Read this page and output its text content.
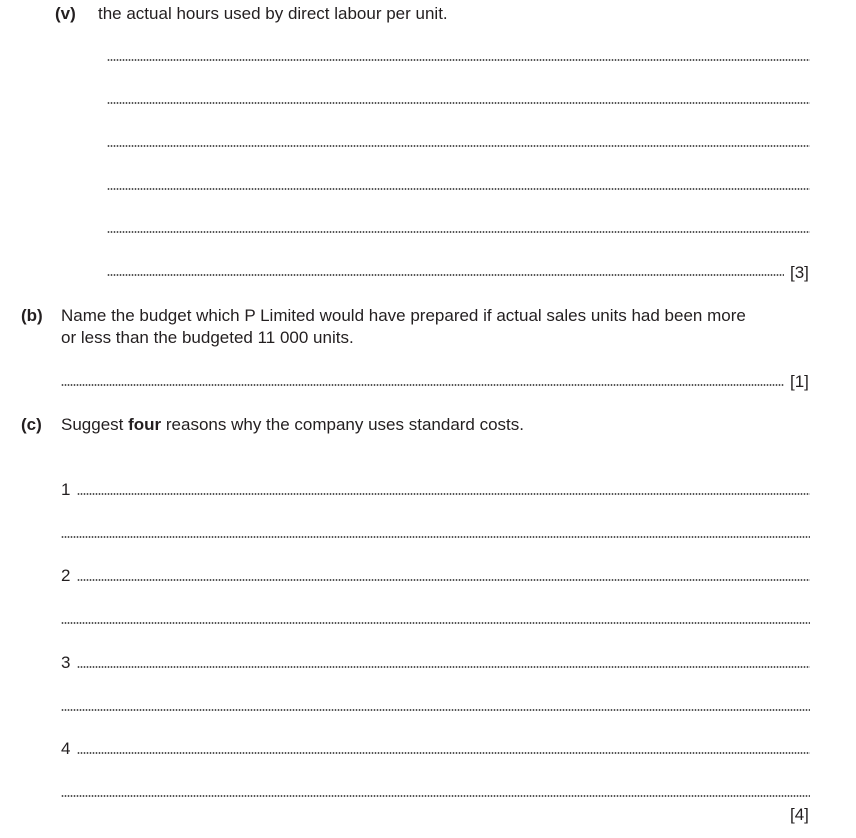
(v) the actual hours used by direct labour per unit.
[3]
(b) Name the budget which P Limited would have prepared if actual sales units had been more
or less than the budgeted 11 000 units.
[1]
(c) Suggest four reasons why the company uses standard costs.
1
2
3
4
[4]
